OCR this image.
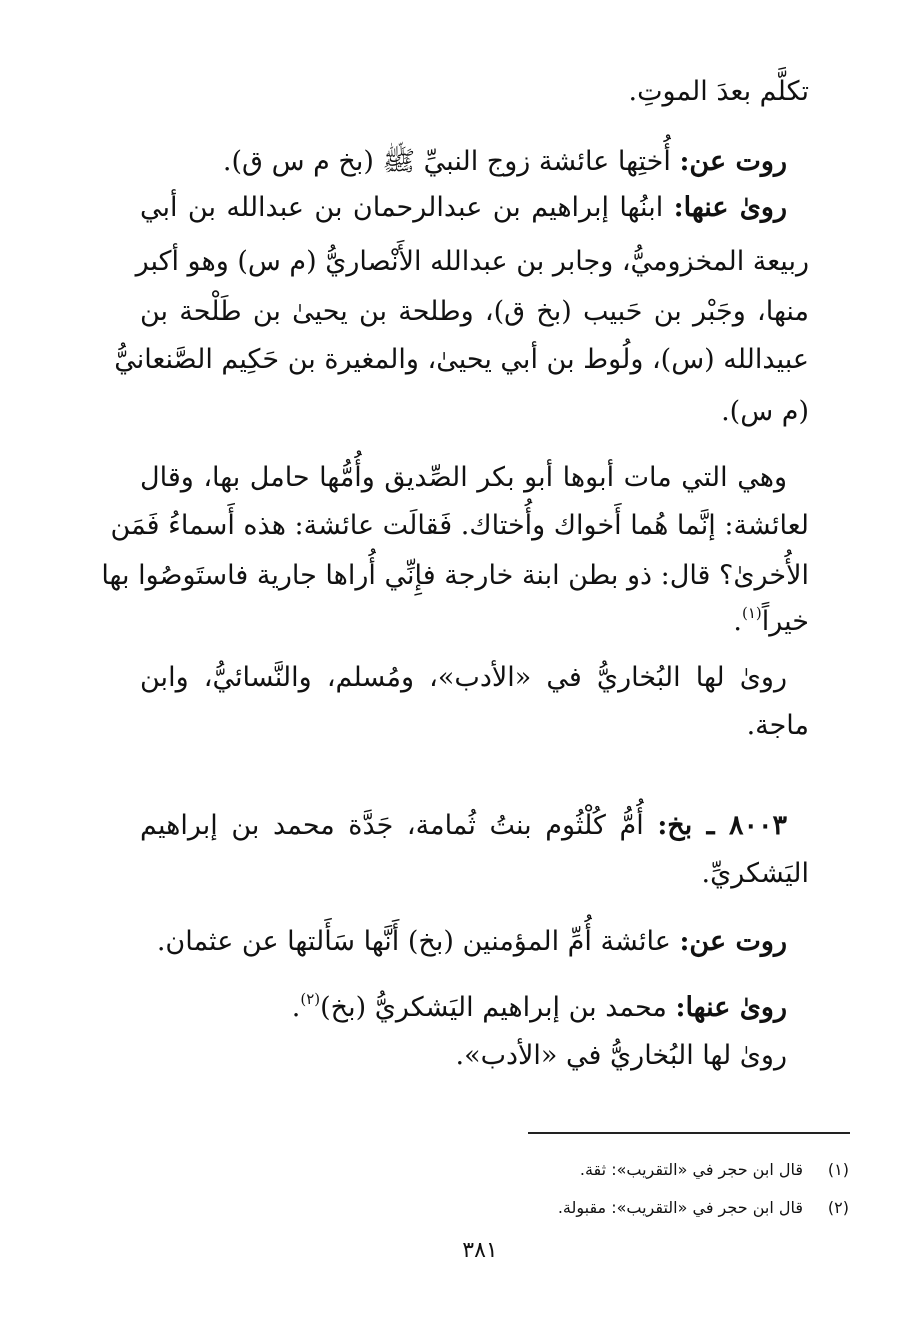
تكلَّم بعدَ الموتِ.
روت عن: أُختِها عائشة زوج النبيِّ ﷺ (بخ م س ق).
روىٰ عنها: ابنُها إبراهيم بن عبدالرحمان بن عبدالله بن أبي
ربيعة المخزوميُّ، وجابر بن عبدالله الأَنْصاريُّ (م س) وهو أكبر
منها، وجَبْر بن حَبيب (بخ ق)، وطلحة بن يحيىٰ بن طَلْحة بن
عبيدالله (س)، ولُوط بن أبي يحيىٰ، والمغيرة بن حَكِيم الصَّنعانيُّ
(م س).
وهي التي مات أبوها أبو بكر الصِّديق وأُمُّها حامل بها، وقال
لعائشة: إنَّما هُما أَخواك وأُختاك. فَقالَت عائشة: هذه أَسماءُ فَمَن
الأُخرىٰ؟ قال: ذو بطن ابنة خارجة فإِنِّي أُراها جارية فاستَوصُوا بها
خيراً$^{(١)}$.
روىٰ لها البُخاريُّ في «الأدب»، ومُسلم، والنَّسائيُّ، وابن
ماجة.
٨٠٠٣ ـ بخ: أُمُّ كُلْثُوم بنتُ ثُمامة، جَدَّة محمد بن إبراهيم
اليَشكريِّ.
روت عن: عائشة أُمِّ المؤمنين (بخ) أَنَّها سَأَلتها عن عثمان.
روىٰ عنها: محمد بن إبراهيم اليَشكريُّ (بخ)$^{(٢)}$.
روىٰ لها البُخاريُّ في «الأدب».
(١)قال ابن حجر في «التقريب»: ثقة.
(٢)قال ابن حجر في «التقريب»: مقبولة.
٣٨١
